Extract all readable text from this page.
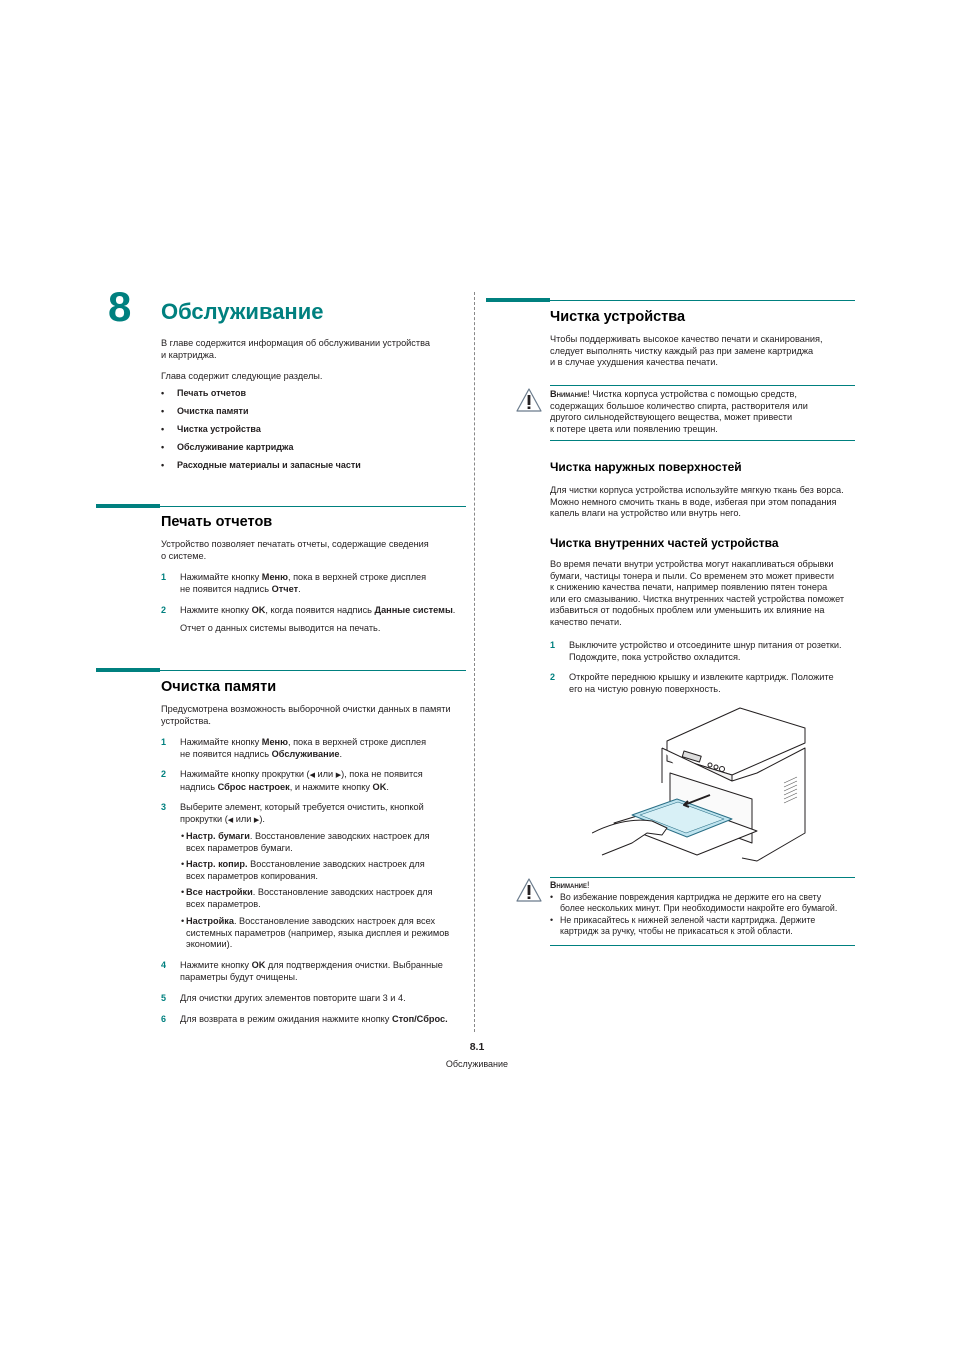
8 Обслуживание
В главе содержится информация об обслуживании устройства
и картриджа.
Глава содержит следующие разделы.
• Печать отчетов
• Очистка памяти
• Чистка устройства
• Обслуживание картриджа
• Расходные материалы и запасные части
Печать отчетов
Устройство позволяет печатать отчеты, содержащие сведения
о системе.
1 Нажимайте кнопку Меню, пока в верхней строке дисплея
не появится надпись Отчет.
2 Нажмите кнопку OK, когда появится надпись Данные системы.
Отчет о данных системы выводится на печать.
Очистка памяти
Предусмотрена возможность выборочной очистки данных в памяти
устройства.
1 Нажимайте кнопку Меню, пока в верхней строке дисплея
не появится надпись Обслуживание.
2 Нажимайте кнопку прокрутки (◀ или ▶), пока не появится
надпись Сброс настроек, и нажмите кнопку OK.
3 Выберите элемент, который требуется очистить, кнопкой
прокрутки (◀ или ▶).
• Настр. бумаги. Восстановление заводских настроек для
всех параметров бумаги.
• Настр. копир. Восстановление заводских настроек для
всех параметров копирования.
• Все настройки. Восстановление заводских настроек для
всех параметров.
• Настройка. Восстановление заводских настроек для всех
системных параметров (например, языка дисплея и режимов
экономии).
4 Нажмите кнопку OK для подтверждения очистки. Выбранные
параметры будут очищены.
5	Для очистки других элементов повторите шаги 3 и 4.
6	Для возврата в режим ожидания нажмите кнопку Стоп/Сброс.
Чистка устройства
Чтобы поддерживать высокое качество печати и сканирования,
следует выполнять чистку каждый раз при замене картриджа
и в случае ухудшения качества печати.
Внимание! Чистка корпуса устройства с помощью средств,
содержащих большое количество спирта, растворителя или
другого сильнодействующего вещества, может привести
к потере цвета или появлению трещин.
Чистка наружных поверхностей
Для чистки корпуса устройства используйте мягкую ткань без ворса.
Можно немного смочить ткань в воде, избегая при этом попадания
капель влаги на устройство или внутрь него.
Чистка внутренних частей устройства
Во время печати внутри устройства могут накапливаться обрывки
бумаги, частицы тонера и пыли. Со временем это может привести
к снижению качества печати, например появлению пятен тонера
или его смазыванию. Чистка внутренних частей устройства поможет
избавиться от подобных проблем или уменьшить их влияние на
качество печати.
1 Выключите устройство и отсоедините шнур питания от розетки.
Подождите, пока устройство охладится.
2 Откройте переднюю крышку и извлеките картридж. Положите
его на чистую ровную поверхность.
Внимание!
• Во избежание повреждения картриджа не держите его на свету
более нескольких минут. При необходимости накройте его бумагой.
• Не прикасайтесь к нижней зеленой части картриджа. Держите
картридж за ручку, чтобы не прикасаться к этой области.
8.1
Обслуживание
